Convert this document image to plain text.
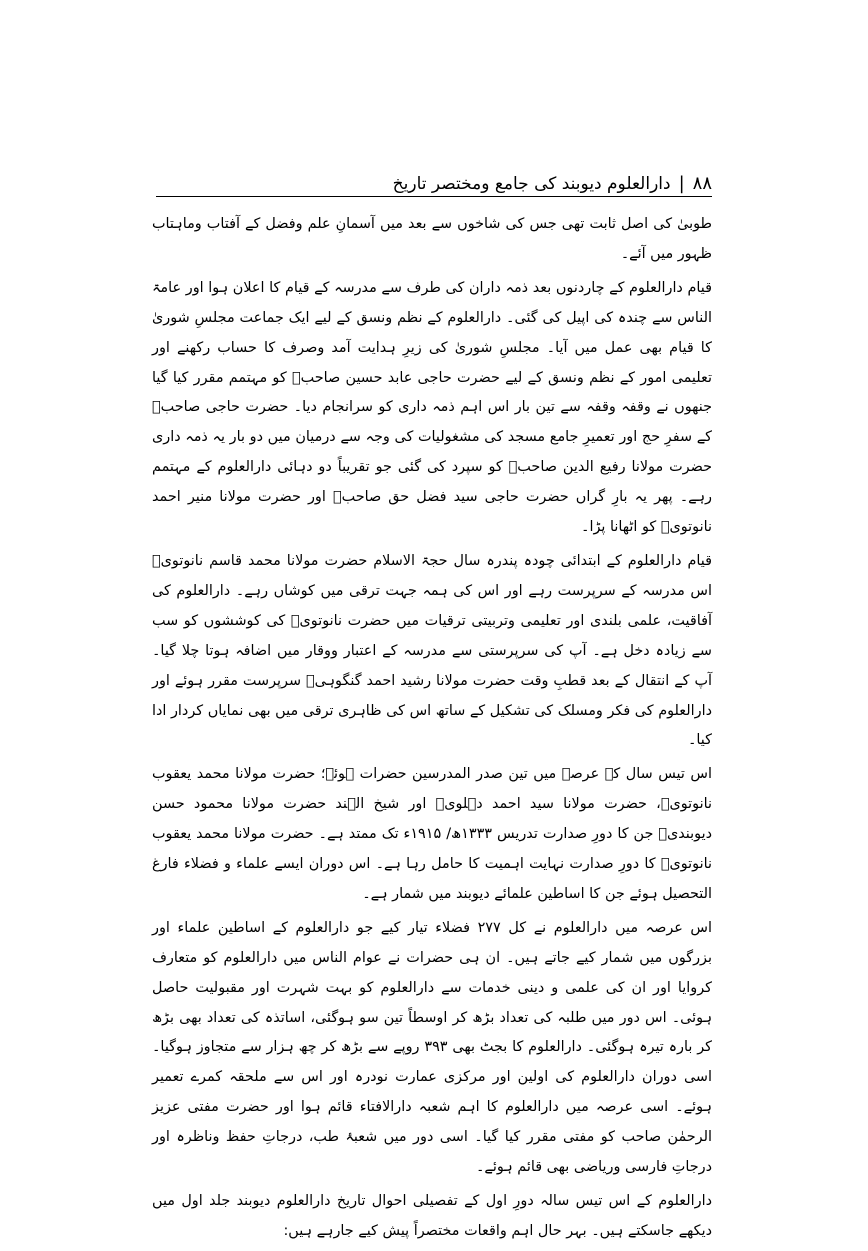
۸۸
|
دارالعلوم دیوبند کی جامع ومختصر تاریخ

طوبیٰ کی اصل ثابت تھی جس کی شاخوں سے بعد میں آسمانِ علم وفضل کے آفتاب وماہتاب ظہور میں آئے۔

قیام دارالعلوم کے چاردنوں بعد ذمہ داران کی طرف سے مدرسہ کے قیام کا اعلان ہوا اور عامۃ الناس سے چندہ کی اپیل کی گئی۔ دارالعلوم کے نظم ونسق کے لیے ایک جماعت مجلسِ شوریٰ کا قیام بھی عمل میں آیا۔ مجلسِ شوریٰ کی زیرِ ہدایت آمد وصرف کا حساب رکھنے اور تعلیمی امور کے نظم ونسق کے لیے حضرت حاجی عابد حسین صاحبؒ کو مہتمم مقرر کیا گیا جنھوں نے وقفہ وقفہ سے تین بار اس اہم ذمہ داری کو سرانجام دیا۔ حضرت حاجی صاحبؒ کے سفرِ حج اور تعمیرِ جامع مسجد کی مشغولیات کی وجہ سے درمیان میں دو بار یہ ذمہ داری حضرت مولانا رفیع الدین صاحبؒ کو سپرد کی گئی جو تقریباً دو دہائی دارالعلوم کے مہتمم رہے۔ پھر یہ بارِ گراں حضرت حاجی سید فضل حق صاحبؒ اور حضرت مولانا منیر احمد نانوتویؒ کو اٹھانا پڑا۔

قیام دارالعلوم کے ابتدائی چودہ پندرہ سال حجۃ الاسلام حضرت مولانا محمد قاسم نانوتویؒ اس مدرسہ کے سرپرست رہے اور اس کی ہمہ جہت ترقی میں کوشاں رہے۔ دارالعلوم کی آفاقیت، علمی بلندی اور تعلیمی وتربیتی ترقیات میں حضرت نانوتویؒ کی کوششوں کو سب سے زیادہ دخل ہے۔ آپ کی سرپرستی سے مدرسہ کے اعتبار ووقار میں اضافہ ہوتا چلا گیا۔ آپ کے انتقال کے بعد قطبِ وقت حضرت مولانا رشید احمد گنگوہیؒ سرپرست مقرر ہوئے اور دارالعلوم کی فکر ومسلک کی تشکیل کے ساتھ اس کی ظاہری ترقی میں بھی نمایاں کردار ادا کیا۔

اس تیس سال کے عرصہ میں تین صدر المدرسین حضرات ہوئے؛ حضرت مولانا محمد یعقوب نانوتویؒ، حضرت مولانا سید احمد دہلویؒ اور شیخ الہند حضرت مولانا محمود حسن دیوبندیؒ جن کا دورِ صدارت تدریس ۱۳۳۳ھ/ ۱۹۱۵ء تک ممتد ہے۔ حضرت مولانا محمد یعقوب نانوتویؒ کا دورِ صدارت نہایت اہمیت کا حامل رہا ہے۔ اس دوران ایسے علماء و فضلاء فارغ التحصیل ہوئے جن کا اساطین علمائے دیوبند میں شمار ہے۔

اس عرصہ میں دارالعلوم نے کل ۲۷۷ فضلاء تیار کیے جو دارالعلوم کے اساطین علماء اور بزرگوں میں شمار کیے جاتے ہیں۔ ان ہی حضرات نے عوام الناس میں دارالعلوم کو متعارف کروایا اور ان کی علمی و دینی خدمات سے دارالعلوم کو بہت شہرت اور مقبولیت حاصل ہوئی۔ اس دور میں طلبہ کی تعداد بڑھ کر اوسطاً تین سو ہوگئی، اساتذہ کی تعداد بھی بڑھ کر بارہ تیرہ ہوگئی۔ دارالعلوم کا بجٹ بھی ۳۹۳ روپے سے بڑھ کر چھ ہزار سے متجاوز ہوگیا۔ اسی دوران دارالعلوم کی اولین اور مرکزی عمارت نودرہ اور اس سے ملحقہ کمرے تعمیر ہوئے۔ اسی عرصہ میں دارالعلوم کا اہم شعبہ دارالافتاء قائم ہوا اور حضرت مفتی عزیز الرحمٰن صاحب کو مفتی مقرر کیا گیا۔ اسی دور میں شعبۂ طب، درجاتِ حفظ وناظرہ اور درجاتِ فارسی وریاضی بھی قائم ہوئے۔

دارالعلوم کے اس تیس سالہ دورِ اول کے تفصیلی احوال تاریخ دارالعلوم دیوبند جلد اول میں دیکھے جاسکتے ہیں۔ بہر حال اہم واقعات مختصراً پیش کیے جارہے ہیں:
